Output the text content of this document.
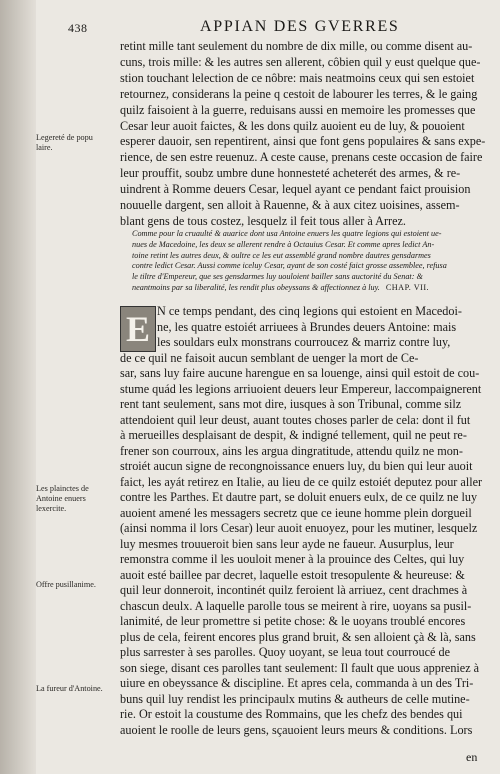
438	APPIAN DES GVERRES
Legereté de popu laire.
Les plainctes de Antoine enuers lexercite.
Offre pusillanime.
La fureur d'Antoine.
retint mille tant seulement du nombre de dix mille, ou comme disent au-
cuns, trois mille: & les autres sen allerent, côbien quil y eust quelque que-
stion touchant lelection de ce nôbre: mais neatmoins ceux qui sen estoiet
retournez, considerans la peine q cestoit de labourer les terres, & le gaing
quilz faisoient à la guerre, reduisans aussi en memoire les promesses que
Cesar leur auoit faictes, & les dons quilz auoient eu de luy, & pouoient
esperer dauoir, sen repentirent, ainsi que font gens populaires & sans expe-
rience, de sen estre reuenuz. A ceste cause, prenans ceste occasion de faire
leur prouffit, soubz umbre dune honnesteté acheterét des armes, & re-
uindrent à Romme deuers Cesar, lequel ayant ce pendant faict prouision
nouuelle dargent, sen alloit à Rauenne, & à aux citez uoisines, assem-
blant gens de tous costez, lesquelz il feit tous aller à Arrez.
Comme pour la cruaulté & auarice dont usa Antoine enuers les quatre legions qui estoient ue-
nues de Macedoine, les deux se allerent rendre à Octauius Cesar. Et comme apres ledict An-
toine retint les autres deux, & oultre ce les eut assemblé grand nombre dautres gensdarmes
contre ledict Cesar. Aussi comme iceluy Cesar, ayant de son costé faict grosse assemblee, refusa
le tiltre d'Empereur, que ses gensdarmes luy uouloient bailler sans auctorité du Senat: &
neantmoins par sa liberalité, les rendit plus obeyssans & affectionnez à luy. CHAP. VII.
E N ce temps pendant, des cinq legions qui estoient en Macedoi-
ne, les quatre estoiét arriuees à Brundes deuers Antoine: mais
les souldars eulx monstrans courroucez & marriz contre luy,
de ce quil ne faisoit aucun semblant de uenger la mort de Ce-
sar, sans luy faire aucune harengue en sa louenge, ainsi quil estoit de cou-
stume quád les legions arriuoient deuers leur Empereur, laccompaignerent
rent tant seulement, sans mot dire, iusques à son Tribunal, comme silz
attendoient quil leur deust, auant toutes choses parler de cela: dont il fut
à merueilles desplaisant de despit, & indigné tellement, quil ne peut re-
frener son courroux, ains les argua dingratitude, attendu quilz ne mon-
stroiét aucun signe de recongnoissance enuers luy, du bien qui leur auoit
faict, les ayát retirez en Italie, au lieu de ce quilz estoiét deputez pour aller
contre les Parthes. Et dautre part, se doluit enuers eulx, de ce quilz ne luy
auoient amené les messagers secretz que ce ieune homme plein dorgueil
(ainsi nomma il lors Cesar) leur auoit enuoyez, pour les mutiner, lesquelz
luy mesmes trouueroit bien sans leur ayde ne faueur. Ausurplus, leur
remonstra comme il les uouloit mener à la prouince des Celtes, qui luy
auoit esté baillee par decret, laquelle estoit tresopulente & heureuse: &
quil leur donneroit, incontinét quilz feroient là arriuez, cent drachmes à
chascun deulx. A laquelle parolle tous se meirent à rire, uoyans sa pusil-
lanimité, de leur promettre si petite chose: & le uoyans troublé encores
plus de cela, feirent encores plus grand bruit, & sen alloient çà & là, sans
plus sarrester à ses parolles. Quoy uoyant, se leua tout courroucé de
son siege, disant ces parolles tant seulement: Il fault que uous appreniez à
uiure en obeyssance & discipline. Et apres cela, commanda à un des Tri-
buns quil luy rendist les principaulx mutins & autheurs de celle mutine-
rie. Or estoit la coustume des Rommains, que les chefz des bendes qui
auoient le roolle de leurs gens, sçauoient leurs meurs & conditions. Lors
en
